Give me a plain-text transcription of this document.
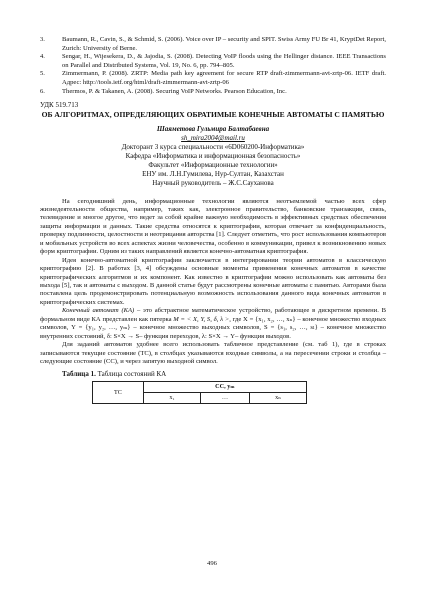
3.	Baumann, R., Cavin, S., & Schmid, S. (2006). Voice over IP – security and SPIT. Swiss Army FU Br 41, KryptDet Report, Zurich: University of Berne.
4.	Sengar, H., Wijesekera, D., & Jajodia, S. (2008). Detecting VoIP floods using the Hellinger distance. IEEE Transactions on Parallel and Distributed Systems, Vol. 19, No. 6, pp. 794–805.
5.	Zimmermann, P. (2008). ZRTP: Media path key agreement for secure RTP draft-zimmermann-avt-zrtp-06. IETF draft. Адрес: http://tools.ietf.org/html/draft-zimmermann-avt-zrtp-06
6.	Thermos, P. & Takanen, A. (2008). Securing VoIP Networks. Pearson Education, Inc.
УДК 519.713
ОБ АЛГОРИТМАХ, ОПРЕДЕЛЯЮЩИХ ОБРАТИМЫЕ КОНЕЧНЫЕ АВТОМАТЫ С ПАМЯТЬЮ
Шаяметова Гульмира Балтабаевна
sh_mira2004@mail.ru
Докторант 3 курса специальности «6D060200-Информатика»
Кафедра «Информатика и информационная безопасность»
Факультет «Информационные технологии»
ЕНУ им. Л.Н.Гумилева, Нур-Султан, Казахстан
Научный руководитель – Ж.С.Сауханова

На сегодняшний день, информационные технологии являются неотъемлемой частью всех сфер жизнедеятельности общества, например, таких как, электронное правительство, банковские транзакции, связь, телевидение и многое другое, что ведет за собой крайне важную необходимость в эффективных средствах обеспечения защиты информации и данных. Такие средства относятся к криптографии, которая отвечает за конфиденциальность, проверку подлинности, целостности и неотрицания авторства [1]. Следует отметить, что рост использования компьютеров и мобильных устройств во всех аспектах жизни человечества, особенно в коммуникации, привел к возникновению новых форм криптографии. Одним из таких направлений является конечно-автоматная криптография.

Идея конечно-автоматной криптографии заключается в интегрировании теории автоматов в классическую криптографию [2]. В работах [3, 4] обсуждены основные моменты применения конечных автоматов в качестве криптографических алгоритмов и их компонент. Как известно в криптографии можно использовать как автоматы без выхода [5], так и автоматы с выходом. В данной статье будут рассмотрены конечные автоматы с памятью. Авторами была поставлена цель продемонстрировать потенциальную возможность использования данного вида конечных автоматов в криптографических системах.

Конечный автомат (КА) – это абстрактное математическое устройство, работающее в дискретном времени. В формальном виде КА представлен как пятерка M = < X, Y, S, δ, λ >, где X = {x₁, x₂, …, xₙ} – конечное множество входных символов, Y = {y₁, y₂, …, yₘ} – конечное множество выходных символов, S = {s₁, s₂, …, sₗ} – конечное множество внутренних состояний, δ: S×X → S– функция переходов, λ: S×X → Y– функция выходов.

Для заданий автоматов удобнее всего использовать табличное представление (см. таб 1), где в строках записываются текущие состояние (ТС), в столбцах указываются входные символы, а на пересечении строки и столбца – следующие состояние (СС), и через запятую выходной символ.

Таблица 1. Таблица состояний КА
ТС	CC, yₘ		
	x₁	…	xₙ
496
